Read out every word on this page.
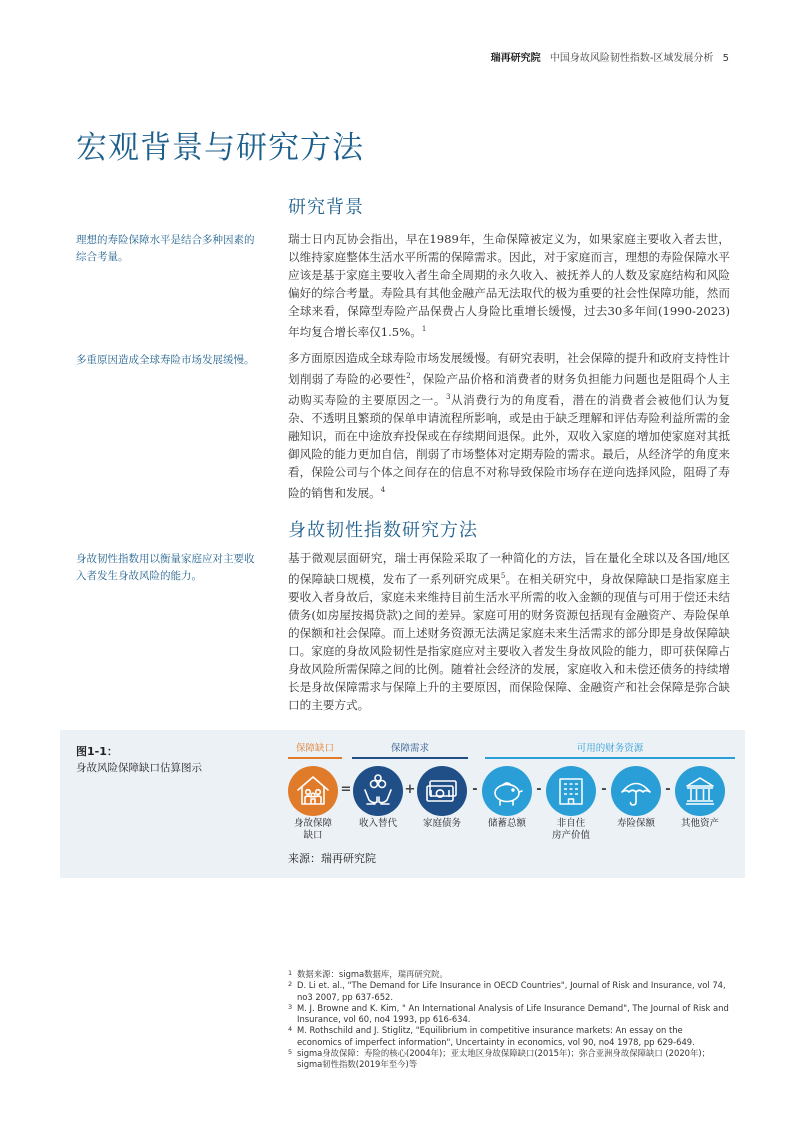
瑞再研究院 中国身故风险韧性指数-区域发展分析 5
宏观背景与研究方法
研究背景
理想的寿险保障水平是结合多种因素的综合考量。

瑞士日内瓦协会指出，早在1989年，生命保障被定义为，如果家庭主要收入者去世，以维持家庭整体生活水平所需的保障需求。因此，对于家庭而言，理想的寿险保障水平应该是基于家庭主要收入者生命全周期的永久收入、被抚养人的人数及家庭结构和风险偏好的综合考量。寿险具有其他金融产品无法取代的极为重要的社会性保障功能，然而全球来看，保障型寿险产品保费占人身险比重增长缓慢，过去30多年间(1990-2023)年均复合增长率仅1.5%。$^1$

多重原因造成全球寿险市场发展缓慢。	多方面原因造成全球寿险市场发展缓慢。有研究表明，社会保障的提升和政府支持性计划削弱了寿险的必要性$^2$，保险产品价格和消费者的财务负担能力问题也是阻碍个人主动购买寿险的主要原因之一。$^3$从消费行为的角度看，潜在的消费者会被他们认为复杂、不透明且繁琐的保单申请流程所影响，或是由于缺乏理解和评估寿险利益所需的金融知识，而在中途放弃投保或在存续期间退保。此外，双收入家庭的增加使家庭对其抵御风险的能力更加自信，削弱了市场整体对定期寿险的需求。最后，从经济学的角度来看，保险公司与个体之间存在的信息不对称导致保险市场存在逆向选择风险，阻碍了寿险的销售和发展。$^4$

身故韧性指数研究方法
身故韧性指数用以衡量家庭应对主要收入者发生身故风险的能力。

基于微观层面研究，瑞士再保险采取了一种简化的方法，旨在量化全球以及各国/地区的保障缺口规模，发布了一系列研究成果$^5$。在相关研究中，身故保障缺口是指家庭主要收入者身故后，家庭未来维持目前生活水平所需的收入金额的现值与可用于偿还未结债务(如房屋按揭贷款)之间的差异。家庭可用的财务资源包括现有金融资产、寿险保单的保额和社会保障。而上述财务资源无法满足家庭未来生活需求的部分即是身故保障缺口。家庭的身故风险韧性是指家庭应对主要收入者发生身故风险的能力，即可获保障占身故风险所需保障之间的比例。随着社会经济的发展，家庭收入和未偿还债务的持续增长是身故保障需求与保障上升的主要原因，而保险保障、金融资产和社会保障是弥合缺口的主要方式。

图1-1：
身故风险保障缺口估算图示
保障缺口	保障需求	可用的财务资源
=	+	-	-	-	-
身故保障
缺口
收入替代	家庭债务	储蓄总额	非自住
房产价值
寿险保额	其他资产
来源：瑞再研究院
1 数据来源：sigma数据库，瑞再研究院。
2 D. Li et. al., "The Demand for Life Insurance in OECD Countries", Journal of Risk and Insurance, vol 74, no3 2007, pp 637-652.
3 M. J. Browne and K. Kim, " An International Analysis of Life Insurance Demand", The Journal of Risk and Insurance, vol 60, no4 1993, pp 616-634.
4 M. Rothschild and J. Stiglitz, "Equilibrium in competitive insurance markets: An essay on the economics of imperfect information", Uncertainty in economics, vol 90, no4 1978, pp 629-649.
5 sigma身故保障：寿险的核心(2004年)；亚太地区身故保障缺口(2015年)；弥合亚洲身故保障缺口 (2020年)；sigma韧性指数(2019年至今)等
